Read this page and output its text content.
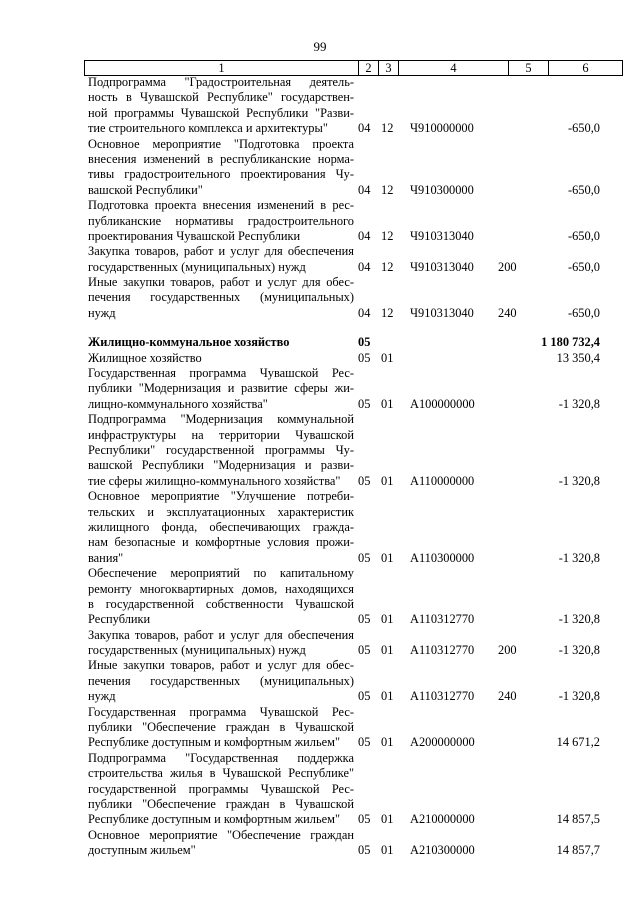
99
1	2	3	4	5	6
Подпрограмма "Градостроительная деятель-
ность в Чувашской Республике" государствен-
ной программы Чувашской Республики "Разви-
тие строительного комплекса и архитектуры"	04 12	Ч910000000	-650,0
Основное мероприятие "Подготовка проекта
внесения изменений в республиканские норма-
тивы градостроительного проектирования Чу-
вашской Республики"	04 12	Ч910300000	-650,0
Подготовка проекта внесения изменений в рес-
публиканские нормативы градостроительного
проектирования Чувашской Республики	04 12	Ч910313040	-650,0
Закупка товаров, работ и услуг для обеспечения
государственных (муниципальных) нужд	04 12	Ч910313040	200	-650,0
Иные закупки товаров, работ и услуг для обес-
печения государственных (муниципальных)
нужд	04 12	Ч910313040	240	-650,0
Жилищно-коммунальное хозяйство	05	1 180 732,4
Жилищное хозяйство	05 01	13 350,4
Государственная программа Чувашской Рес-
публики "Модернизация и развитие сферы жи-
лищно-коммунального хозяйства"	05 01	А100000000	-1 320,8
Подпрограмма "Модернизация коммунальной
инфраструктуры на территории Чувашской
Республики" государственной программы Чу-
вашской Республики "Модернизация и разви-
тие сферы жилищно-коммунального хозяйства"	05 01	А110000000	-1 320,8
Основное мероприятие "Улучшение потреби-
тельских и эксплуатационных характеристик
жилищного фонда, обеспечивающих гражда-
нам безопасные и комфортные условия прожи-
вания"	05 01	А110300000	-1 320,8
Обеспечение мероприятий по капитальному
ремонту многоквартирных домов, находящихся
в государственной собственности Чувашской
Республики	05 01	А110312770	-1 320,8
Закупка товаров, работ и услуг для обеспечения
государственных (муниципальных) нужд	05 01	А110312770	200	-1 320,8
Иные закупки товаров, работ и услуг для обес-
печения государственных (муниципальных)
нужд	05 01	А110312770	240	-1 320,8
Государственная программа Чувашской Рес-
публики "Обеспечение граждан в Чувашской
Республике доступным и комфортным жильем"	05 01	А200000000	14 671,2
Подпрограмма "Государственная поддержка
строительства жилья в Чувашской Республике"
государственной программы Чувашской Рес-
публики "Обеспечение граждан в Чувашской
Республике доступным и комфортным жильем"	05 01	А210000000	14 857,5
Основное мероприятие "Обеспечение граждан
доступным жильем"	05 01	А210300000	14 857,7
